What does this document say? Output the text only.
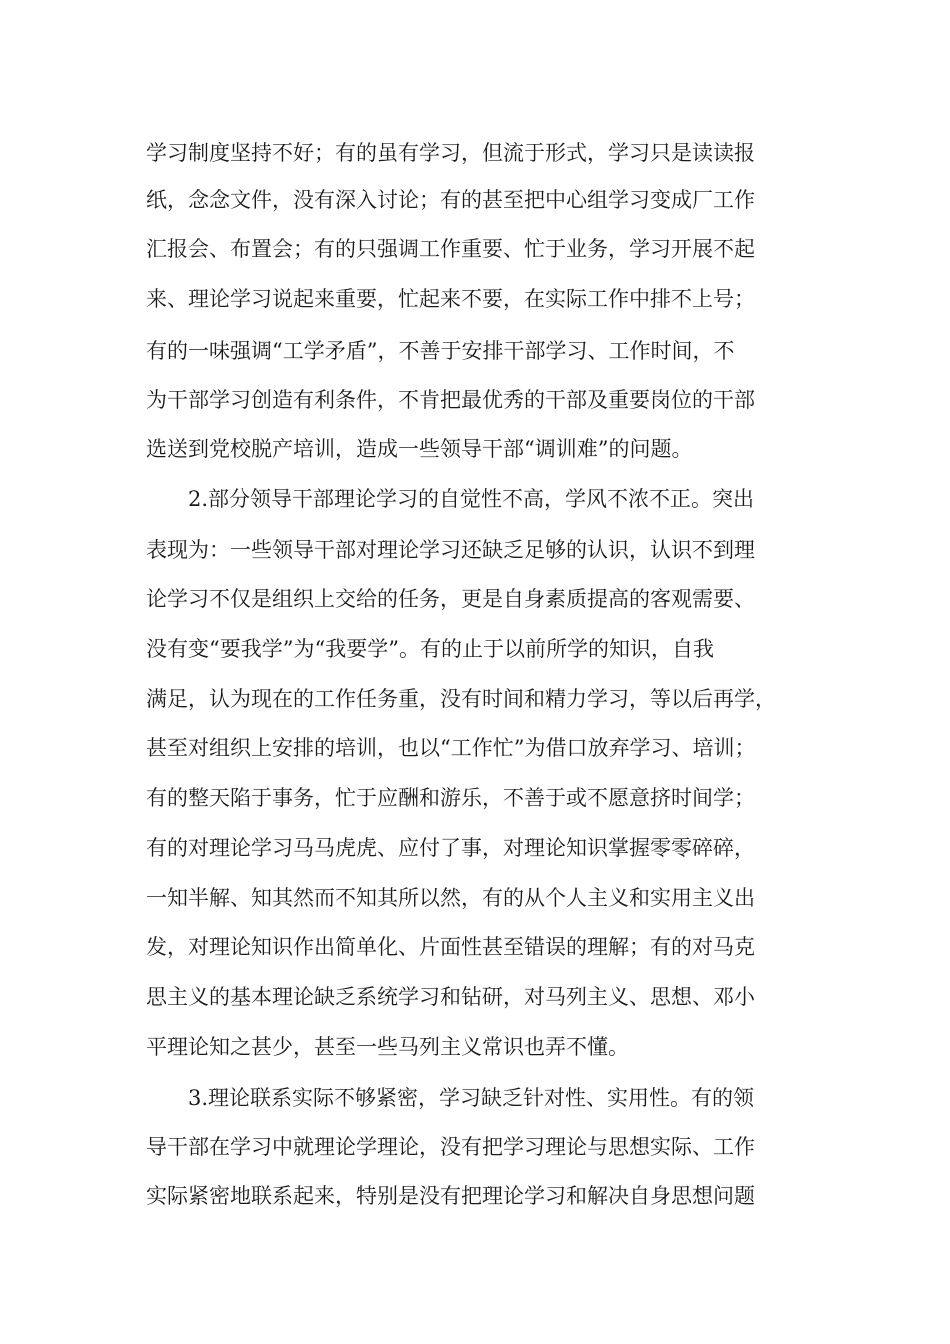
学习制度坚持不好；有的虽有学习，但流于形式，学习只是读读报
纸，念念文件，没有深入讨论；有的甚至把中心组学习变成厂工作
汇报会、布置会；有的只强调工作重要、忙于业务，学习开展不起
来、理论学习说起来重要，忙起来不要，在实际工作中排不上号；
有的一味强调“工学矛盾”，不善于安排干部学习、工作时间，不
为干部学习创造有利条件，不肯把最优秀的干部及重要岗位的干部
选送到党校脱产培训，造成一些领导干部“调训难”的问题。
2.部分领导干部理论学习的自觉性不高，学风不浓不正。突出
表现为：一些领导干部对理论学习还缺乏足够的认识，认识不到理
论学习不仅是组织上交给的任务，更是自身素质提高的客观需要、
没有变“要我学”为“我要学”。有的止于以前所学的知识，自我
满足，认为现在的工作任务重，没有时间和精力学习，等以后再学，
甚至对组织上安排的培训，也以“工作忙”为借口放弃学习、培训；
有的整天陷于事务，忙于应酬和游乐，不善于或不愿意挤时间学；
有的对理论学习马马虎虎、应付了事，对理论知识掌握零零碎碎，
一知半解、知其然而不知其所以然，有的从个人主义和实用主义出
发，对理论知识作出简单化、片面性甚至错误的理解；有的对马克
思主义的基本理论缺乏系统学习和钻研，对马列主义、思想、邓小
平理论知之甚少，甚至一些马列主义常识也弄不懂。
3.理论联系实际不够紧密，学习缺乏针对性、实用性。有的领
导干部在学习中就理论学理论，没有把学习理论与思想实际、工作
实际紧密地联系起来，特别是没有把理论学习和解决自身思想问题
